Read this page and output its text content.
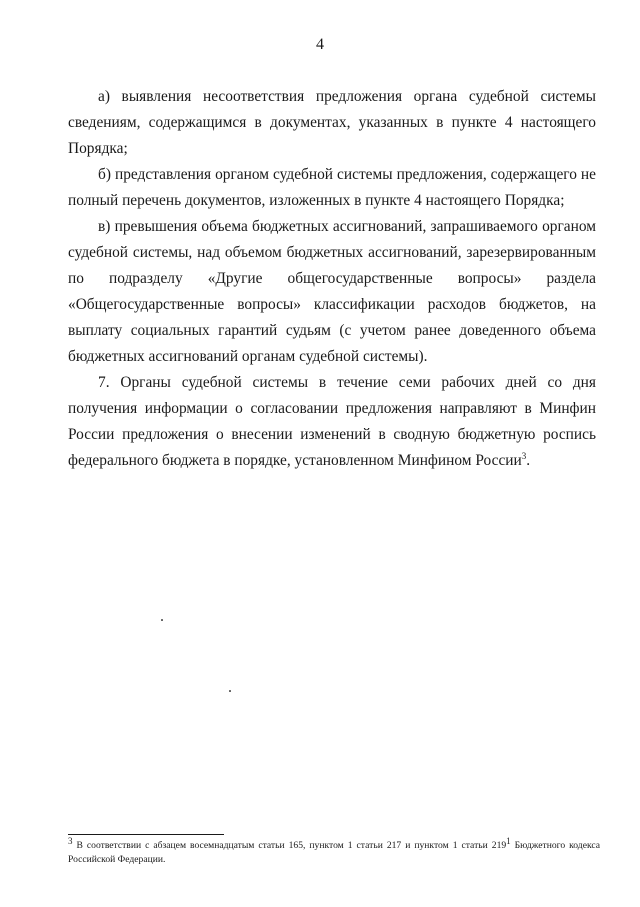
4

а) выявления несоответствия предложения органа судебной системы сведениям, содержащимся в документах, указанных в пункте 4 настоящего Порядка;

б) представления органом судебной системы предложения, содержащего не полный перечень документов, изложенных в пункте 4 настоящего Порядка;

в) превышения объема бюджетных ассигнований, запрашиваемого органом судебной системы, над объемом бюджетных ассигнований, зарезервированным по подразделу «Другие общегосударственные вопросы» раздела «Общегосударственные вопросы» классификации расходов бюджетов, на выплату социальных гарантий судьям (с учетом ранее доведенного объема бюджетных ассигнований органам судебной системы).

7. Органы судебной системы в течение семи рабочих дней со дня получения информации о согласовании предложения направляют в Минфин России предложения о внесении изменений в сводную бюджетную роспись федерального бюджета в порядке, установленном Минфином России$^3$.

$^3$ В соответствии с абзацем восемнадцатым статьи 165, пунктом 1 статьи 217 и пунктом 1 статьи $219^1$ Бюджетного кодекса Российской Федерации.
